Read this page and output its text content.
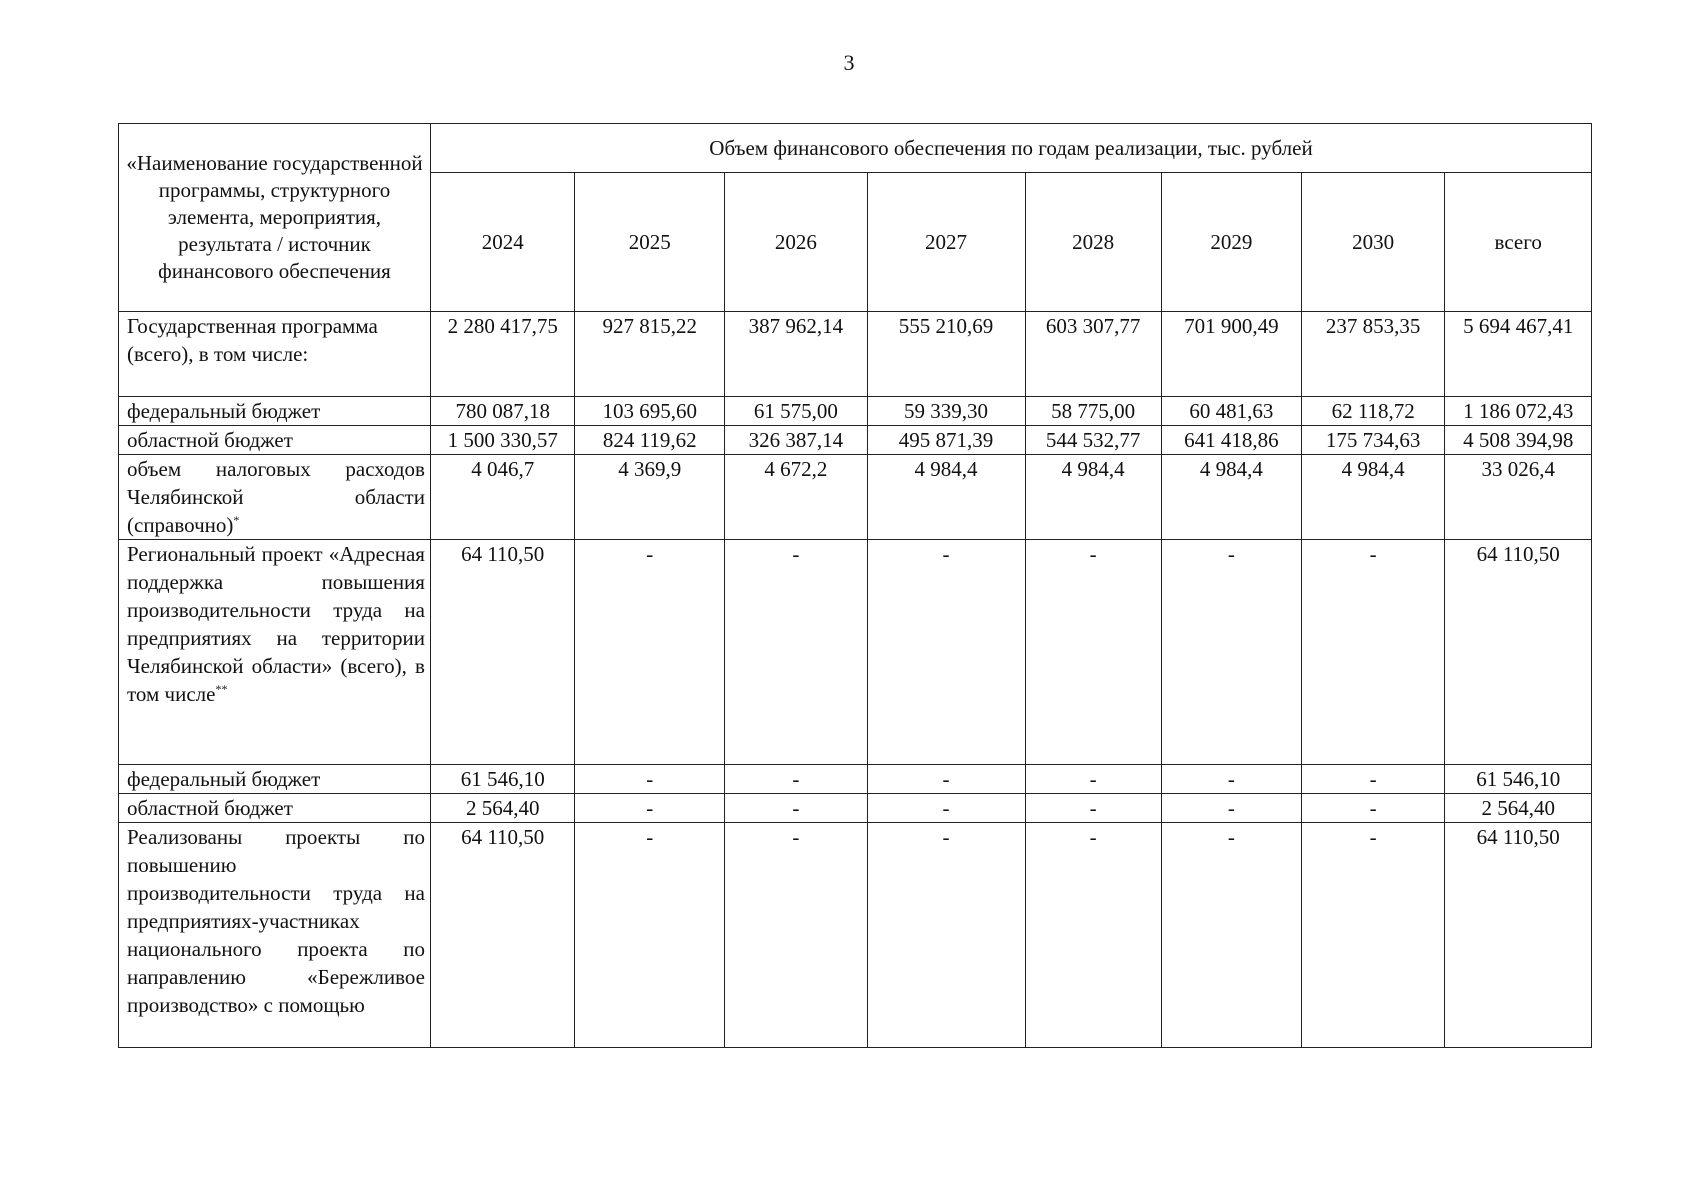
3
«Наименование государственной программы, структурного элемента, мероприятия, результата / источник финансового обеспечения	Объем финансового обеспечения по годам реализации, тыс. рублей							
	2024	2025	2026	2027	2028	2029	2030	всего
Государственная программа (всего), в том числе:	2 280 417,75	927 815,22	387 962,14	555 210,69	603 307,77	701 900,49	237 853,35	5 694 467,41
федеральный бюджет	780 087,18	103 695,60	61 575,00	59 339,30	58 775,00	60 481,63	62 118,72	1 186 072,43
областной бюджет	1 500 330,57	824 119,62	326 387,14	495 871,39	544 532,77	641 418,86	175 734,63	4 508 394,98
объем налоговых расходов Челябинской области (справочно)*	4 046,7	4 369,9	4 672,2	4 984,4	4 984,4	4 984,4	4 984,4	33 026,4
Региональный проект «Адресная поддержка повышения производительности труда на предприятиях на территории Челябинской области» (всего), в том числе**	64 110,50	-	-	-	-	-	-	64 110,50
федеральный бюджет	61 546,10	-	-	-	-	-	-	61 546,10
областной бюджет	2 564,40	-	-	-	-	-	-	2 564,40
Реализованы проекты по повышению производительности труда на предприятиях-участниках национального проекта по направлению «Бережливое производство» с помощью	64 110,50	-	-	-	-	-	-	64 110,50
